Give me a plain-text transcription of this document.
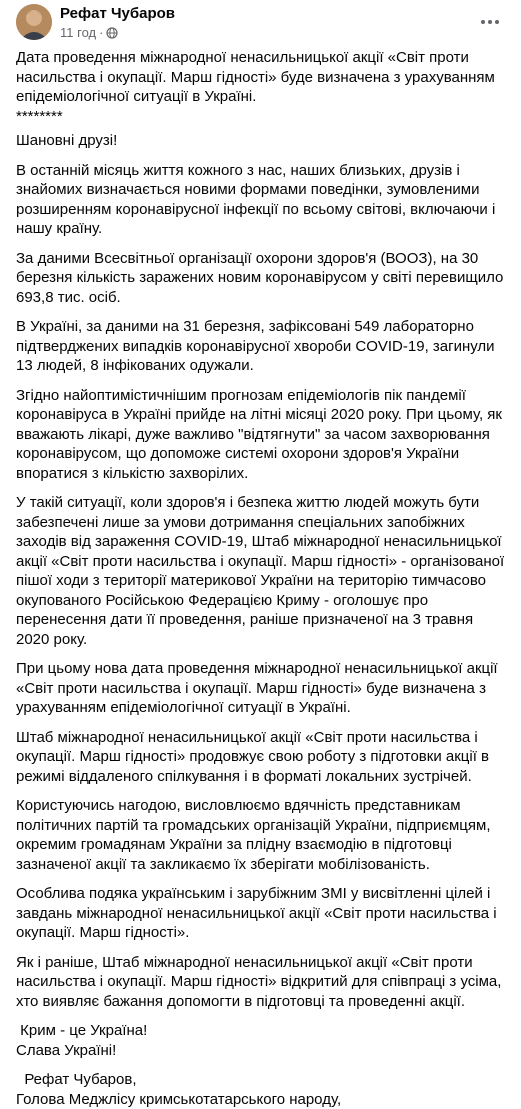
Рефат Чубаров
11 год ·

Дата проведення міжнародної ненасильницької акції «Світ проти насильства і окупації. Марш гідності» буде визначена з урахуванням епідеміологічної ситуації в Україні.

********

Шановні друзі!

В останній місяць життя кожного з нас, наших близьких, друзів і знайомих визначається новими формами поведінки, зумовленими розширенням коронавірусної інфекції по всьому світові, включаючи і нашу країну.

За даними Всесвітньої організації охорони здоров'я (ВООЗ), на 30 березня кількість заражених новим коронавірусом у світі перевищило 693,8 тис. осіб.

В Україні, за даними на 31 березня, зафіксовані 549 лабораторно підтверджених випадків коронавірусної хвороби COVID-19, загинули 13 людей, 8 інфікованих одужали.

Згідно найоптимістичнішим прогнозам епідеміологів пік пандемії коронавіруса в Україні прийде на літні місяці 2020 року. При цьому, як вважають лікарі, дуже важливо "відтягнути" за часом захворювання коронавірусом, що допоможе системі охорони здоров'я України впоратися з кількістю захворілих.

У такій ситуації, коли здоров'я і безпека життю людей можуть бути забезпечені лише за умови дотримання спеціальних запобіжних заходів від зараження COVID-19, Штаб міжнародної ненасильницької акції «Світ проти насильства і окупації. Марш гідності» - організованої пішої ходи з території материкової України на територію тимчасово окупованого Російською Федерацією Криму - оголошує про перенесення дати її проведення, раніше призначеної на 3 травня 2020 року.

При цьому нова дата проведення міжнародної ненасильницької акції «Світ проти насильства і окупації. Марш гідності» буде визначена з урахуванням епідеміологічної ситуації в Україні.

Штаб міжнародної ненасильницької акції «Світ проти насильства і окупації. Марш гідності» продовжує свою роботу з підготовки акції в режимі віддаленого спілкування і в форматі локальних зустрічей.

Користуючись нагодою, висловлюємо вдячність представникам політичних партій та громадських організацій України, підприємцям, окремим громадянам України за плідну взаємодію в підготовці зазначеної акції та закликаємо їх зберігати мобілізованість.

Особлива подяка українським і зарубіжним ЗМІ у висвітленні цілей і завдань міжнародної ненасильницької акції «Світ проти насильства і окупації. Марш гідності».

Як і раніше, Штаб міжнародної ненасильницької акції «Світ проти насильства і окупації. Марш гідності» відкритий для співпраці з усіма, хто виявляє бажання допомогти в підготовці та проведенні акції.

Крим - це Україна!

Слава Україні!

Рефат Чубаров,

Голова Меджлісу кримськотатарського народу,
